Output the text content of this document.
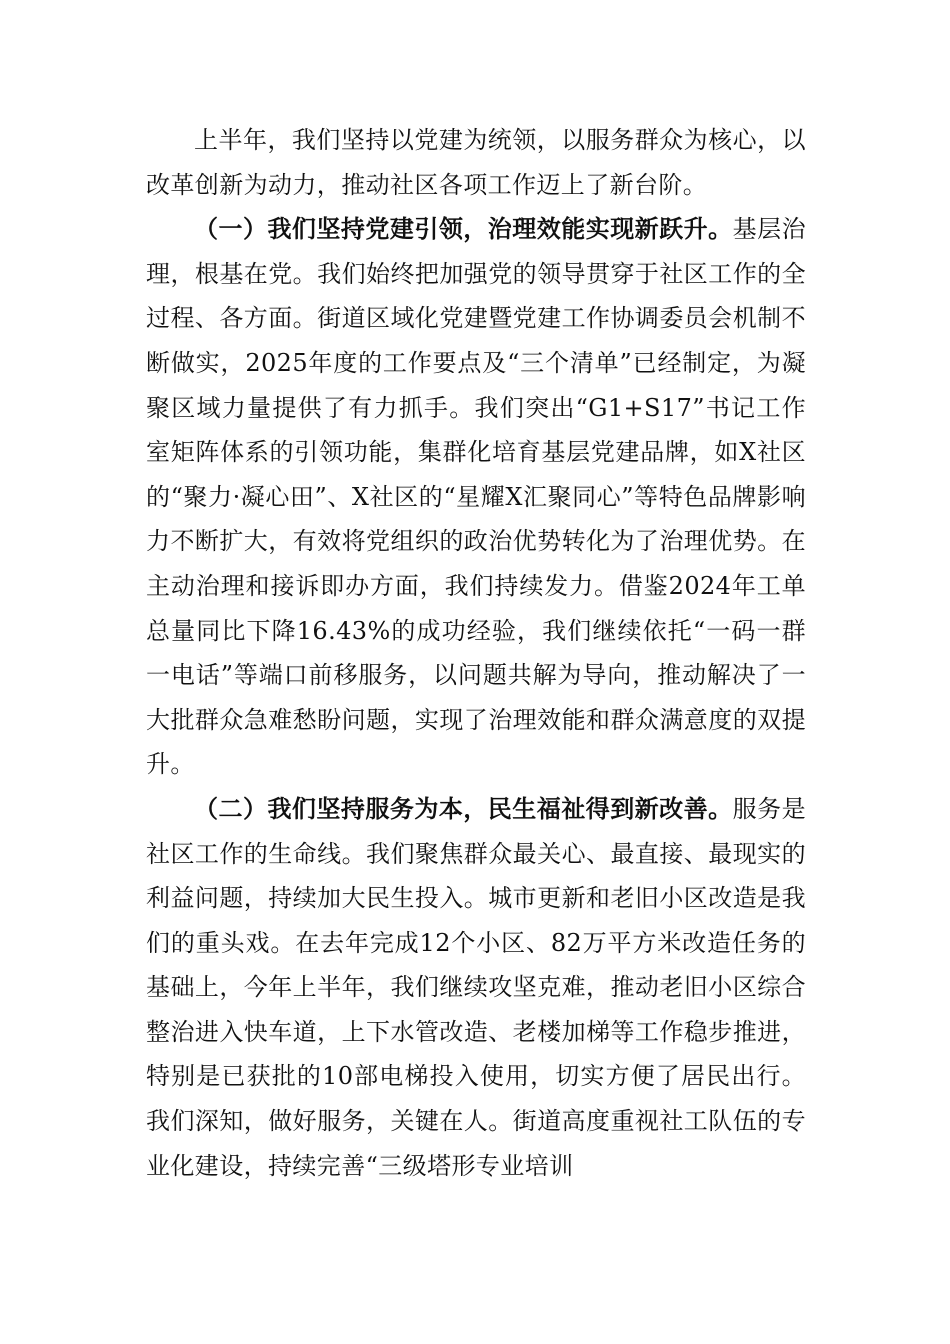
上半年，我们坚持以党建为统领，以服务群众为核心，以改革创新为动力，推动社区各项工作迈上了新台阶。

（一）我们坚持党建引领，治理效能实现新跃升。基层治理，根基在党。我们始终把加强党的领导贯穿于社区工作的全过程、各方面。街道区域化党建暨党建工作协调委员会机制不断做实，2025年度的工作要点及“三个清单”已经制定，为凝聚区域力量提供了有力抓手。我们突出“G1+S17”书记工作室矩阵体系的引领功能，集群化培育基层党建品牌，如X社区的“聚力·凝心田”、X社区的“星耀X汇聚同心”等特色品牌影响力不断扩大，有效将党组织的政治优势转化为了治理优势。在主动治理和接诉即办方面，我们持续发力。借鉴2024年工单总量同比下降16.43%的成功经验，我们继续依托“一码一群一电话”等端口前移服务，以问题共解为导向，推动解决了一大批群众急难愁盼问题，实现了治理效能和群众满意度的双提升。

（二）我们坚持服务为本，民生福祉得到新改善。服务是社区工作的生命线。我们聚焦群众最关心、最直接、最现实的利益问题，持续加大民生投入。城市更新和老旧小区改造是我们的重头戏。在去年完成12个小区、82万平方米改造任务的基础上，今年上半年，我们继续攻坚克难，推动老旧小区综合整治进入快车道，上下水管改造、老楼加梯等工作稳步推进，特别是已获批的10部电梯投入使用，切实方便了居民出行。我们深知，做好服务，关键在人。街道高度重视社工队伍的专业化建设，持续完善“三级塔形专业培训
